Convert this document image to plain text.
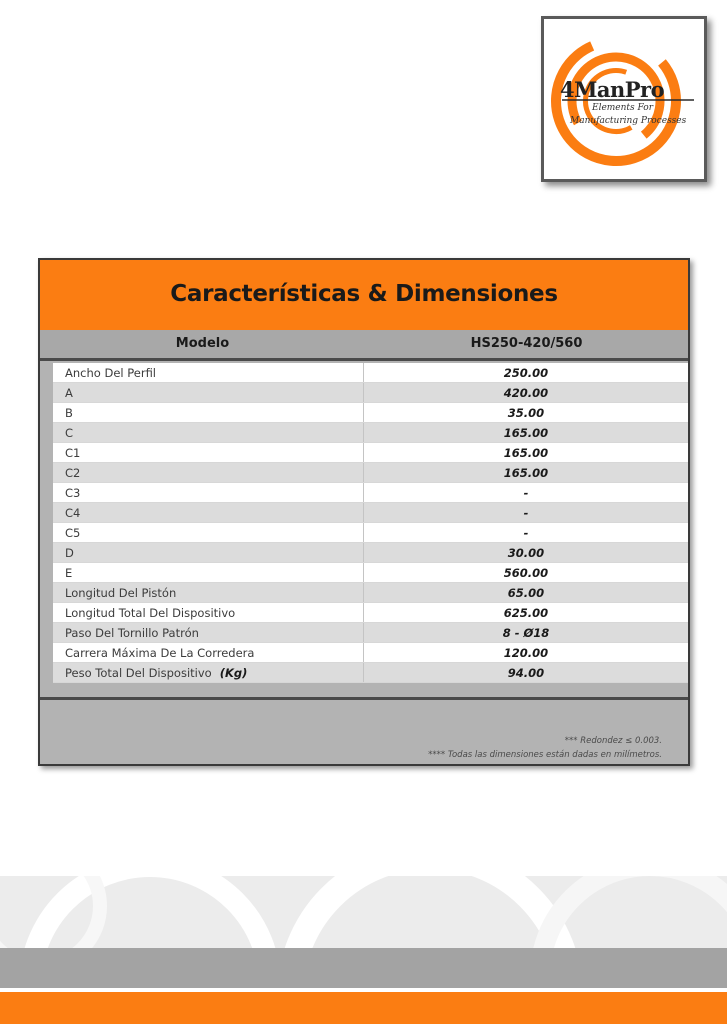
4ManPro
Elements For
Manufacturing Processes
Características & Dimensiones
Modelo	HS250-420/560
Ancho Del Perfil	250.00
A	420.00
B	35.00
C	165.00
C1	165.00
C2	165.00
C3	-
C4	-
C5	-
D	30.00
E	560.00
Longitud Del Pistón	65.00
Longitud Total Del Dispositivo	625.00
Paso Del Tornillo Patrón	8 - Ø18
Carrera Máxima De La Corredera	120.00
Peso Total Del Dispositivo (Kg)	94.00
*** Redondez ≤ 0.003.
**** Todas las dimensiones están dadas en milímetros.
